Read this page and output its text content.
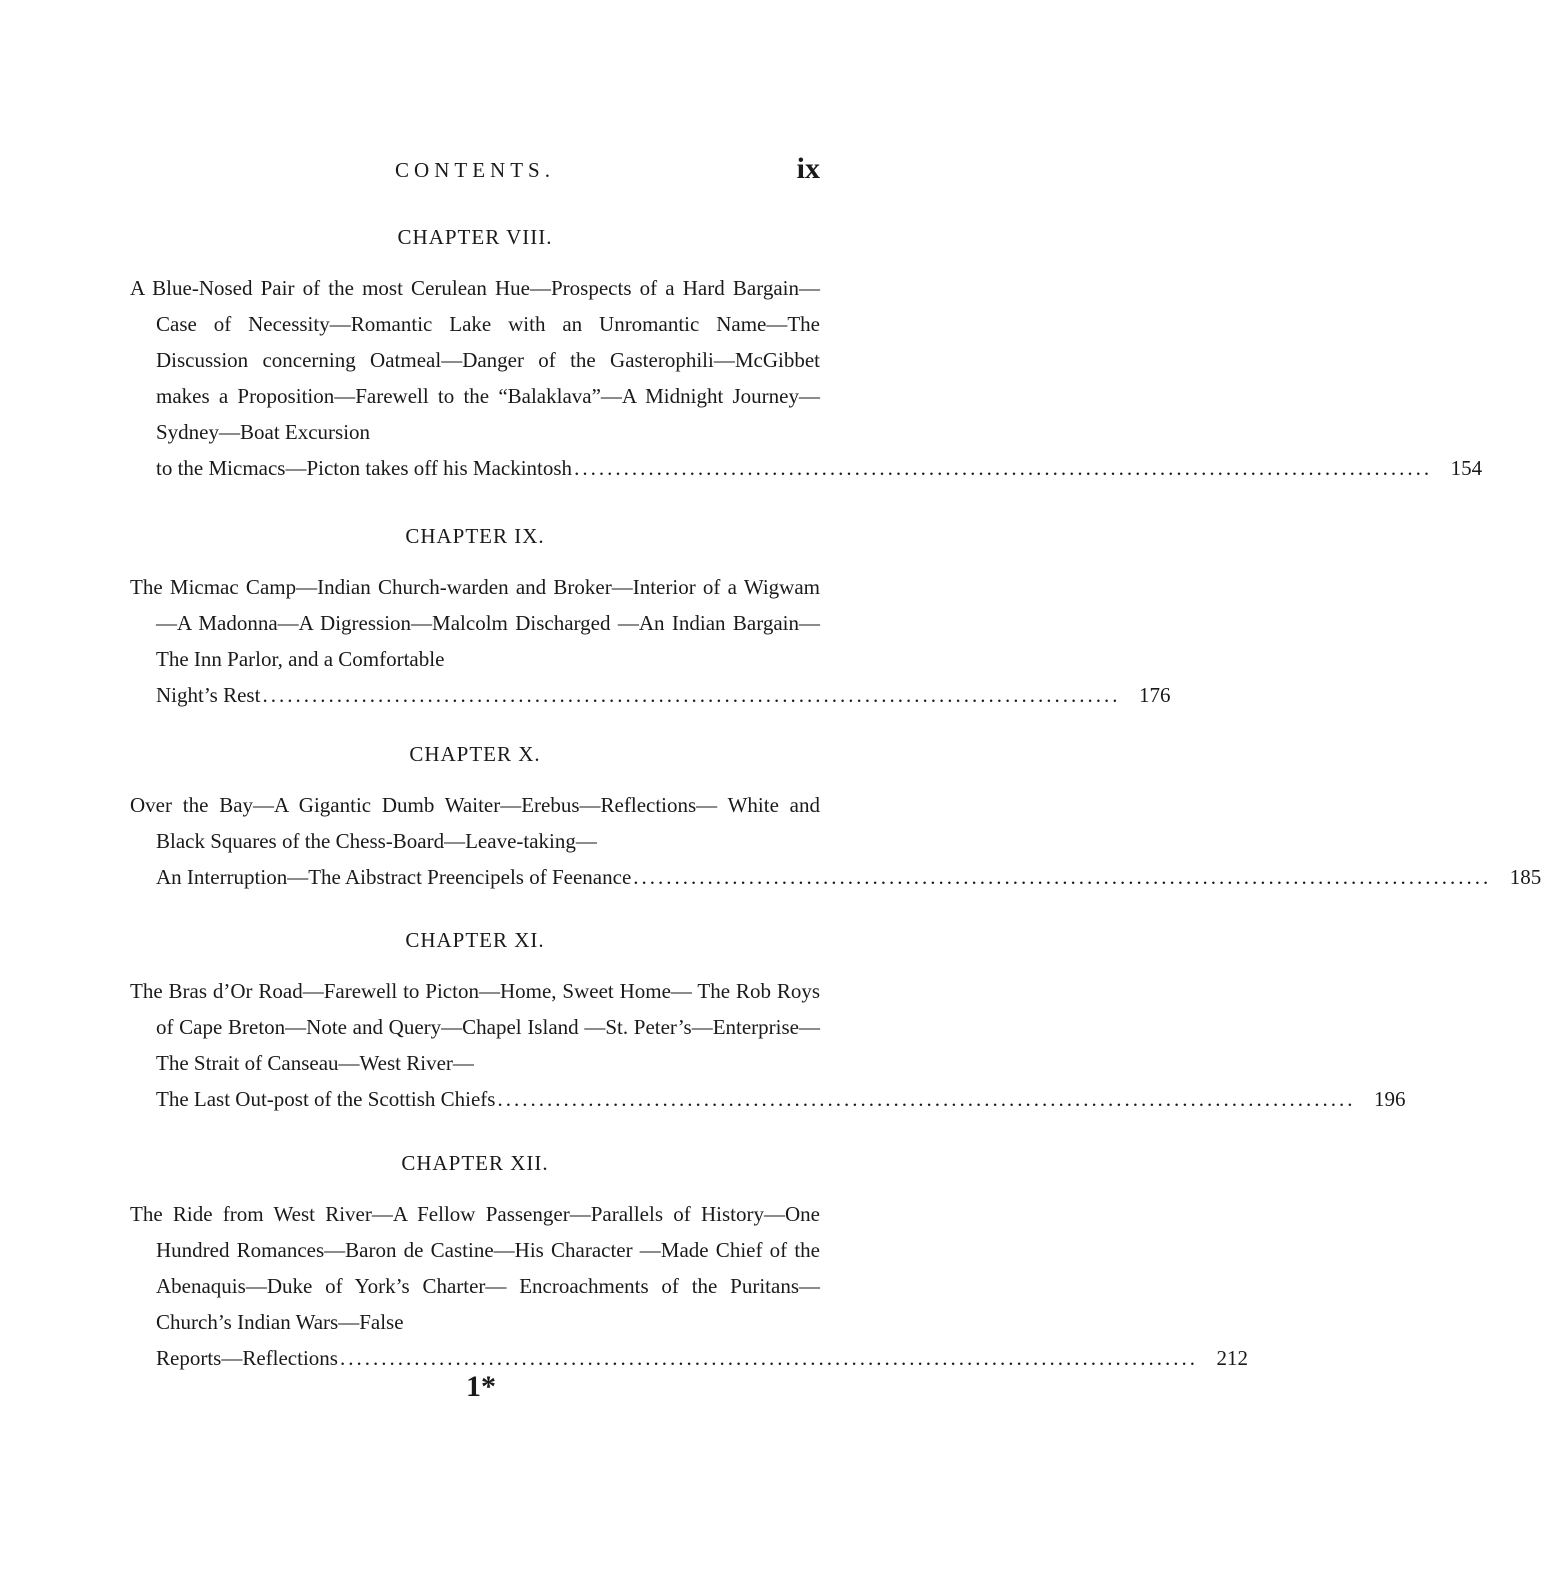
CONTENTS.	ix

CHAPTER VIII.

A Blue-Nosed Pair of the most Cerulean Hue—Prospects of a Hard Bargain—Case of Necessity—Romantic Lake with an Unromantic Name—The Discussion concerning Oatmeal—Danger of the Gasterophili—McGibbet makes a Proposition—Farewell to the “Balaklava”—A Midnight Journey—Sydney—Boat Excursion

to the Micmacs—Picton takes off his Mackintosh ........................................................................................................ 154

CHAPTER IX.

The Micmac Camp—Indian Church-warden and Broker—Interior of a Wigwam—A Madonna—A Digression—Malcolm Discharged —An Indian Bargain—The Inn Parlor, and a Comfortable

Night’s Rest ........................................................................................................ 176

CHAPTER X.

Over the Bay—A Gigantic Dumb Waiter—Erebus—Reflections— White and Black Squares of the Chess-Board—Leave-taking—

An Interruption—The Aibstract Preencipels of Feenance ........................................................................................................ 185

CHAPTER XI.

The Bras d’Or Road—Farewell to Picton—Home, Sweet Home— The Rob Roys of Cape Breton—Note and Query—Chapel Island —St. Peter’s—Enterprise—The Strait of Canseau—West River—

The Last Out-post of the Scottish Chiefs ........................................................................................................ 196

CHAPTER XII.

The Ride from West River—A Fellow Passenger—Parallels of History—One Hundred Romances—Baron de Castine—His Character —Made Chief of the Abenaquis—Duke of York’s Charter— Encroachments of the Puritans—Church’s Indian Wars—False

Reports—Reflections ........................................................................................................ 212
1*
